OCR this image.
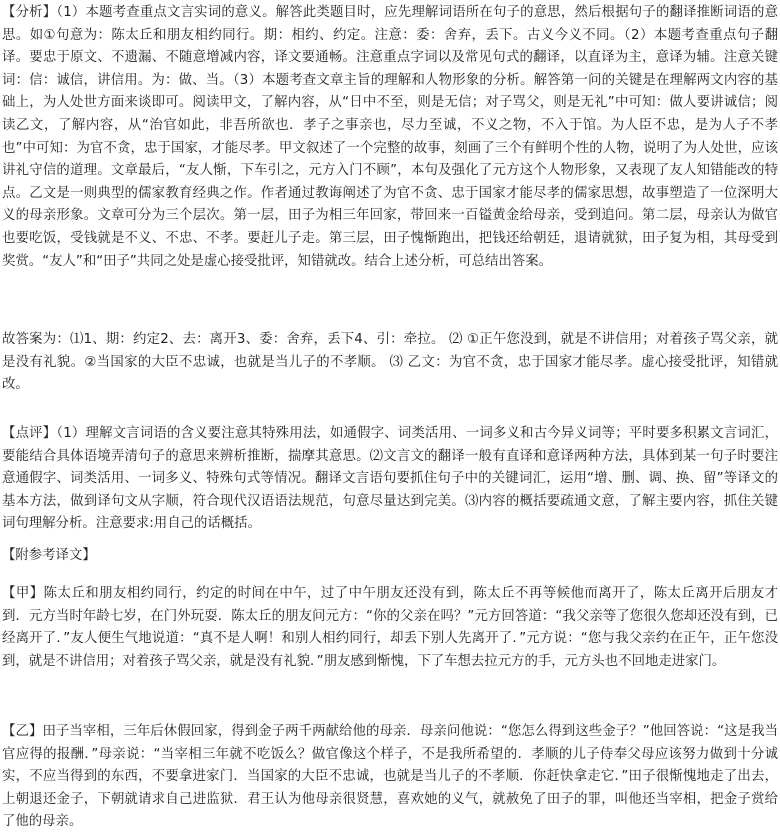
【分析】（1）本题考查重点文言实词的意义。解答此类题目时，应先理解词语所在句子的意思，然后根据句子的翻译推断词语的意思。如①句意为：陈太丘和朋友相约同行。期：相约、约定。注意：委：舍弃，丢下。古义今义不同。（2）本题考查重点句子翻译。要忠于原文、不遗漏、不随意增减内容，译文要通畅。注意重点字词以及常见句式的翻译，以直译为主，意译为辅。注意关键词：信：诚信，讲信用。为：做、当。（3）本题考查文章主旨的理解和人物形象的分析。解答第一问的关键是在理解两文内容的基础上，为人处世方面来谈即可。阅读甲文，了解内容，从“日中不至，则是无信；对子骂父，则是无礼”中可知：做人要讲诚信；阅读乙文，了解内容，从“治官如此，非吾所欲也．孝子之事亲也，尽力至诚，不义之物，不入于馆。为人臣不忠，是为人子不孝也”中可知：为官不贪，忠于国家，才能尽孝。甲文叙述了一个完整的故事，刻画了三个有鲜明个性的人物，说明了为人处世，应该讲礼守信的道理。文章最后，“友人惭，下车引之，元方入门不顾”，本句及强化了元方这个人物形象，又表现了友人知错能改的特点。乙文是一则典型的儒家教育经典之作。作者通过教诲阐述了为官不贪、忠于国家才能尽孝的儒家思想，故事塑造了一位深明大义的母亲形象。文章可分为三个层次。第一层，田子为相三年回家，带回来一百镒黄金给母亲，受到追问。第二层，母亲认为做官也要吃饭，受钱就是不义、不忠、不孝。要赶儿子走。第三层，田子愧惭跑出，把钱还给朝廷，退请就狱，田子复为相，其母受到奖赏。“友人”和“田子”共同之处是虚心接受批评，知错就改。结合上述分析，可总结出答案。

故答案为：⑴1、期：约定2、去：离开3、委：舍弃，丢下4、引：牵拉。 ⑵ ①正午您没到，就是不讲信用；对着孩子骂父亲，就是没有礼貌。②当国家的大臣不忠诚，也就是当儿子的不孝顺。 ⑶ 乙文：为官不贪，忠于国家才能尽孝。虚心接受批评，知错就改。

【点评】（1）理解文言词语的含义要注意其特殊用法，如通假字、词类活用、一词多义和古今异义词等；平时要多积累文言词汇，要能结合具体语境弄清句子的意思来辨析推断，揣摩其意思。⑵文言文的翻译一般有直译和意译两种方法，具体到某一句子时要注意通假字、词类活用、一词多义、特殊句式等情况。翻译文言语句要抓住句子中的关键词汇，运用“增、删、调、换、留”等译文的基本方法，做到译句文从字顺，符合现代汉语语法规范，句意尽量达到完美。⑶内容的概括要疏通文意，了解主要内容，抓住关键词句理解分析。注意要求:用自己的话概括。

【附参考译文】

【甲】陈太丘和朋友相约同行，约定的时间在中午，过了中午朋友还没有到，陈太丘不再等候他而离开了，陈太丘离开后朋友才到．元方当时年龄七岁，在门外玩耍．陈太丘的朋友问元方：“你的父亲在吗？”元方回答道：“我父亲等了您很久您却还没有到，已经离开了．”友人便生气地说道：“真不是人啊！和别人相约同行，却丢下别人先离开了．”元方说：“您与我父亲约在正午，正午您没到，就是不讲信用；对着孩子骂父亲，就是没有礼貌．”朋友感到惭愧，下了车想去拉元方的手，元方头也不回地走进家门。

【乙】田子当宰相，三年后休假回家，得到金子两千两献给他的母亲．母亲问他说：“您怎么得到这些金子？”他回答说：“这是我当官应得的报酬．”母亲说：“当宰相三年就不吃饭么？做官像这个样子，不是我所希望的．孝顺的儿子侍奉父母应该努力做到十分诚实，不应当得到的东西，不要拿进家门．当国家的大臣不忠诚，也就是当儿子的不孝顺．你赶快拿走它．”田子很惭愧地走了出去，上朝退还金子，下朝就请求自己进监狱．君王认为他母亲很贤慧，喜欢她的义气，就赦免了田子的罪，叫他还当宰相，把金子赏给了他的母亲。
